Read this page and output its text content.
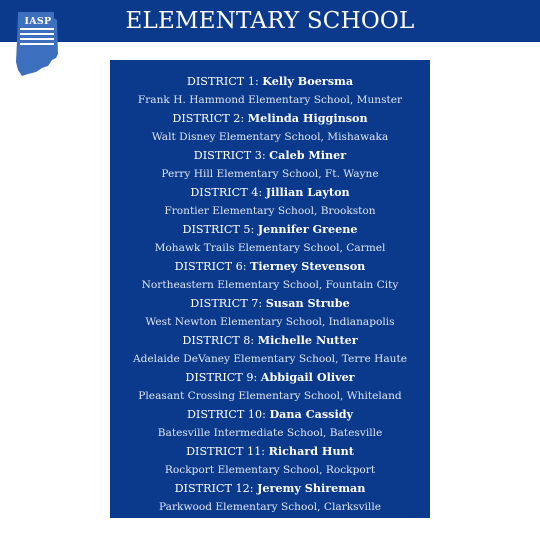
ELEMENTARY SCHOOL
IASP
DISTRICT 1: Kelly Boersma
Frank H. Hammond Elementary School, Munster
DISTRICT 2: Melinda Higginson
Walt Disney Elementary School, Mishawaka
DISTRICT 3: Caleb Miner
Perry Hill Elementary School, Ft. Wayne
DISTRICT 4: Jillian Layton
Frontier Elementary School, Brookston
DISTRICT 5: Jennifer Greene
Mohawk Trails Elementary School, Carmel
DISTRICT 6: Tierney Stevenson
Northeastern Elementary School, Fountain City
DISTRICT 7: Susan Strube
West Newton Elementary School, Indianapolis
DISTRICT 8: Michelle Nutter
Adelaide DeVaney Elementary School, Terre Haute
DISTRICT 9: Abbigail Oliver
Pleasant Crossing Elementary School, Whiteland
DISTRICT 10: Dana Cassidy
Batesville Intermediate School, Batesville
DISTRICT 11: Richard Hunt
Rockport Elementary School, Rockport
DISTRICT 12: Jeremy Shireman
Parkwood Elementary School, Clarksville
